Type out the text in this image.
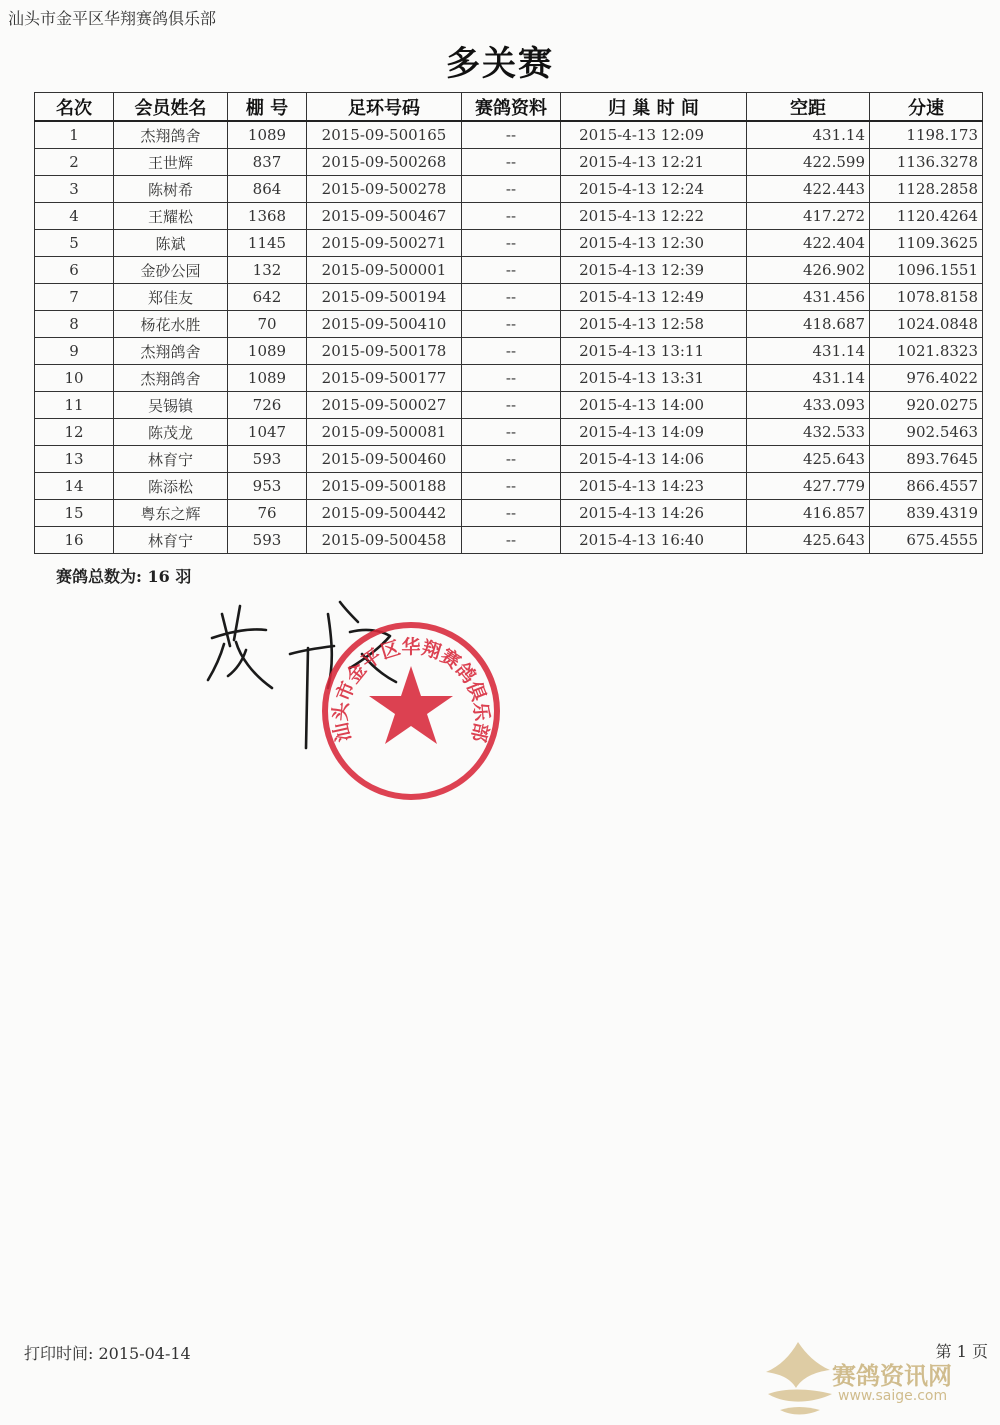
汕头市金平区华翔赛鸽俱乐部
多关赛
名次	会员姓名	棚 号	足环号码	赛鸽资料	归 巢 时 间	空距	分速
1	杰翔鸽舍	1089	2015-09-500165	--	2015-4-13 12:09	431.14	1198.173
2	王世辉	837	2015-09-500268	--	2015-4-13 12:21	422.599	1136.3278
3	陈树希	864	2015-09-500278	--	2015-4-13 12:24	422.443	1128.2858
4	王耀松	1368	2015-09-500467	--	2015-4-13 12:22	417.272	1120.4264
5	陈斌	1145	2015-09-500271	--	2015-4-13 12:30	422.404	1109.3625
6	金砂公园	132	2015-09-500001	--	2015-4-13 12:39	426.902	1096.1551
7	郑佳友	642	2015-09-500194	--	2015-4-13 12:49	431.456	1078.8158
8	杨花水胜	70	2015-09-500410	--	2015-4-13 12:58	418.687	1024.0848
9	杰翔鸽舍	1089	2015-09-500178	--	2015-4-13 13:11	431.14	1021.8323
10	杰翔鸽舍	1089	2015-09-500177	--	2015-4-13 13:31	431.14	976.4022
11	吴锡镇	726	2015-09-500027	--	2015-4-13 14:00	433.093	920.0275
12	陈茂龙	1047	2015-09-500081	--	2015-4-13 14:09	432.533	902.5463
13	林育宁	593	2015-09-500460	--	2015-4-13 14:06	425.643	893.7645
14	陈添松	953	2015-09-500188	--	2015-4-13 14:23	427.779	866.4557
15	粤东之辉	76	2015-09-500442	--	2015-4-13 14:26	416.857	839.4319
16	林育宁	593	2015-09-500458	--	2015-4-13 16:40	425.643	675.4555
赛鸽总数为: 16 羽
汕头市金平区华翔赛鸽俱乐部
打印时间: 2015-04-14	第 1 页
赛鸽资讯网
www.saige.com
